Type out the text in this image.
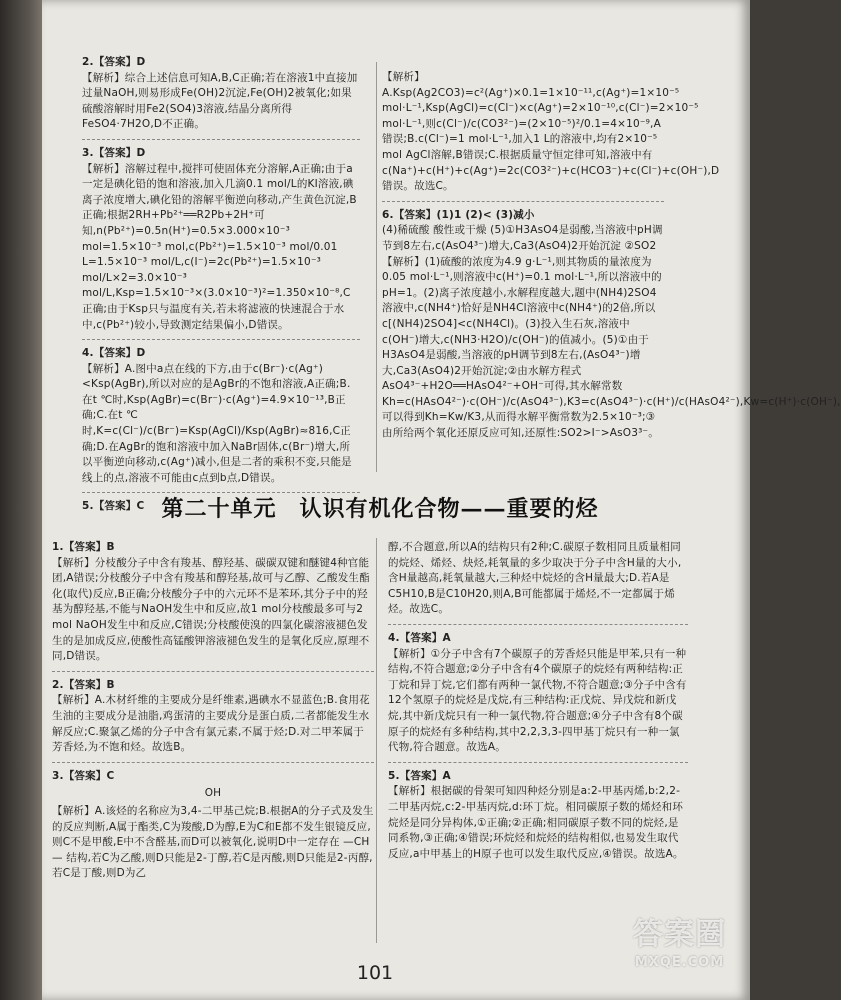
2.【答案】D

【解析】综合上述信息可知A,B,C正确;若在溶液1中直接加过量NaOH,则易形成Fe(OH)2沉淀,Fe(OH)2被氧化;如果硫酸溶解时用Fe2(SO4)3溶液,结晶分离所得FeSO4·7H2O,D不正确。

3.【答案】D

【解析】溶解过程中,搅拌可使固体充分溶解,A正确;由于a一定是碘化铅的饱和溶液,加入几滴0.1 mol/L的KI溶液,碘离子浓度增大,碘化铅的溶解平衡逆向移动,产生黄色沉淀,B正确;根据2RH+Pb²⁺══R2Pb+2H⁺可知,n(Pb²⁺)=0.5n(H⁺)=0.5×3.000×10⁻³ mol=1.5×10⁻³ mol,c(Pb²⁺)=1.5×10⁻³ mol/0.01 L=1.5×10⁻³ mol/L,c(I⁻)=2c(Pb²⁺)=1.5×10⁻³ mol/L×2=3.0×10⁻³ mol/L,Ksp=1.5×10⁻³×(3.0×10⁻³)²=1.350×10⁻⁸,C正确;由于Ksp只与温度有关,若未将滤液的快速混合于水中,c(Pb²⁺)较小,导致测定结果偏小,D错误。

4.【答案】D

【解析】A.图中a点在线的下方,由于c(Br⁻)·c(Ag⁺)<Ksp(AgBr),所以对应的是AgBr的不饱和溶液,A正确;B.在t ℃时,Ksp(AgBr)=c(Br⁻)·c(Ag⁺)=4.9×10⁻¹³,B正确;C.在t ℃时,K=c(Cl⁻)/c(Br⁻)=Ksp(AgCl)/Ksp(AgBr)≈816,C正确;D.在AgBr的饱和溶液中加入NaBr固体,c(Br⁻)增大,所以平衡逆向移动,c(Ag⁺)减小,但是二者的乘积不变,只能是线上的点,溶液不可能由c点到b点,D错误。

5.【答案】C

【解析】A.Ksp(Ag2CO3)=c²(Ag⁺)×0.1=1×10⁻¹¹,c(Ag⁺)=1×10⁻⁵ mol·L⁻¹,Ksp(AgCl)=c(Cl⁻)×c(Ag⁺)=2×10⁻¹⁰,c(Cl⁻)=2×10⁻⁵ mol·L⁻¹,则c(Cl⁻)/c(CO3²⁻)=(2×10⁻⁵)²/0.1=4×10⁻⁹,A错误;B.c(Cl⁻)=1 mol·L⁻¹,加入1 L的溶液中,均有2×10⁻⁵ mol AgCl溶解,B错误;C.根据质量守恒定律可知,溶液中有c(Na⁺)+c(H⁺)+c(Ag⁺)=2c(CO3²⁻)+c(HCO3⁻)+c(Cl⁻)+c(OH⁻),D错误。故选C。

6.【答案】(1)1 (2)< (3)减小

(4)稀硫酸 酸性或干燥 (5)①H3AsO4是弱酸,当溶液中pH调节到8左右,c(AsO4³⁻)增大,Ca3(AsO4)2开始沉淀 ②SO2 【解析】(1)硫酸的浓度为4.9 g·L⁻¹,则其物质的量浓度为0.05 mol·L⁻¹,则溶液中c(H⁺)=0.1 mol·L⁻¹,所以溶液中的pH=1。(2)离子浓度越小,水解程度越大,题中(NH4)2SO4溶液中,c(NH4⁺)恰好是NH4Cl溶液中c(NH4⁺)的2倍,所以c[(NH4)2SO4]<c(NH4Cl)。(3)投入生石灰,溶液中c(OH⁻)增大,c(NH3·H2O)/c(OH⁻)的值减小。(5)①由于H3AsO4是弱酸,当溶液的pH调节到8左右,(AsO4³⁻)增大,Ca3(AsO4)2开始沉淀;②由水解方程式AsO4³⁻+H2O══HAsO4²⁻+OH⁻可得,其水解常数Kh=c(HAsO4²⁻)·c(OH⁻)/c(AsO4³⁻),K3=c(AsO4³⁻)·c(H⁺)/c(HAsO4²⁻),Kw=c(H⁺)·c(OH⁻),可以得到Kh=Kw/K3,从而得水解平衡常数为2.5×10⁻³;③由所给两个氧化还原反应可知,还原性:SO2>I⁻>AsO3³⁻。

第二十单元　认识有机化合物——重要的烃

1.【答案】B

【解析】分枝酸分子中含有羧基、醇羟基、碳碳双键和醚键4种官能团,A错误;分枝酸分子中含有羧基和醇羟基,故可与乙醇、乙酸发生酯化(取代)反应,B正确;分枝酸分子中的六元环不是苯环,其分子中的羟基为醇羟基,不能与NaOH发生中和反应,故1 mol分枝酸最多可与2 mol NaOH发生中和反应,C错误;分枝酸使溴的四氯化碳溶液褪色发生的是加成反应,使酸性高锰酸钾溶液褪色发生的是氧化反应,原理不同,D错误。

2.【答案】B

【解析】A.木材纤维的主要成分是纤维素,遇碘水不显蓝色;B.食用花生油的主要成分是油脂,鸡蛋清的主要成分是蛋白质,二者都能发生水解反应;C.聚氯乙烯的分子中含有氯元素,不属于烃;D.对二甲苯属于芳香烃,为不饱和烃。故选B。

3.【答案】C

OH

【解析】A.该烃的名称应为3,4-二甲基己烷;B.根据A的分子式及发生的反应判断,A属于酯类,C为羧酸,D为醇,E为C和E都不发生银镜反应,则C不是甲酸,E中不含醛基,而D可以被氧化,说明D中一定存在 —CH— 结构,若C为乙酸,则D只能是2-丁醇,若C是丙酸,则D只能是2-丙醇,若C是丁酸,则D为乙

醇,不合题意,所以A的结构只有2种;C.碳原子数相同且质量相同的烷烃、烯烃、炔烃,耗氧量的多少取决于分子中含H量的大小,含H量越高,耗氧量越大,三种烃中烷烃的含H量最大;D.若A是C5H10,B是C10H20,则A,B可能都属于烯烃,不一定都属于烯烃。故选C。

4.【答案】A

【解析】①分子中含有7个碳原子的芳香烃只能是甲苯,只有一种结构,不符合题意;②分子中含有4个碳原子的烷烃有两种结构:正丁烷和异丁烷,它们都有两种一氯代物,不符合题意;③分子中含有12个氢原子的烷烃是戊烷,有三种结构:正戊烷、异戊烷和新戊烷,其中新戊烷只有一种一氯代物,符合题意;④分子中含有8个碳原子的烷烃有多种结构,其中2,2,3,3-四甲基丁烷只有一种一氯代物,符合题意。故选A。

5.【答案】A

【解析】根据碳的骨架可知四种烃分别是a:2-甲基丙烯,b:2,2-二甲基丙烷,c:2-甲基丙烷,d:环丁烷。相同碳原子数的烯烃和环烷烃是同分异构体,①正确;②正确;相同碳原子数不同的烷烃,是同系物,③正确;④错误;环烷烃和烷烃的结构相似,也易发生取代反应,a中甲基上的H原子也可以发生取代反应,④错误。故选A。

101
答案圈
MXQE.COM
